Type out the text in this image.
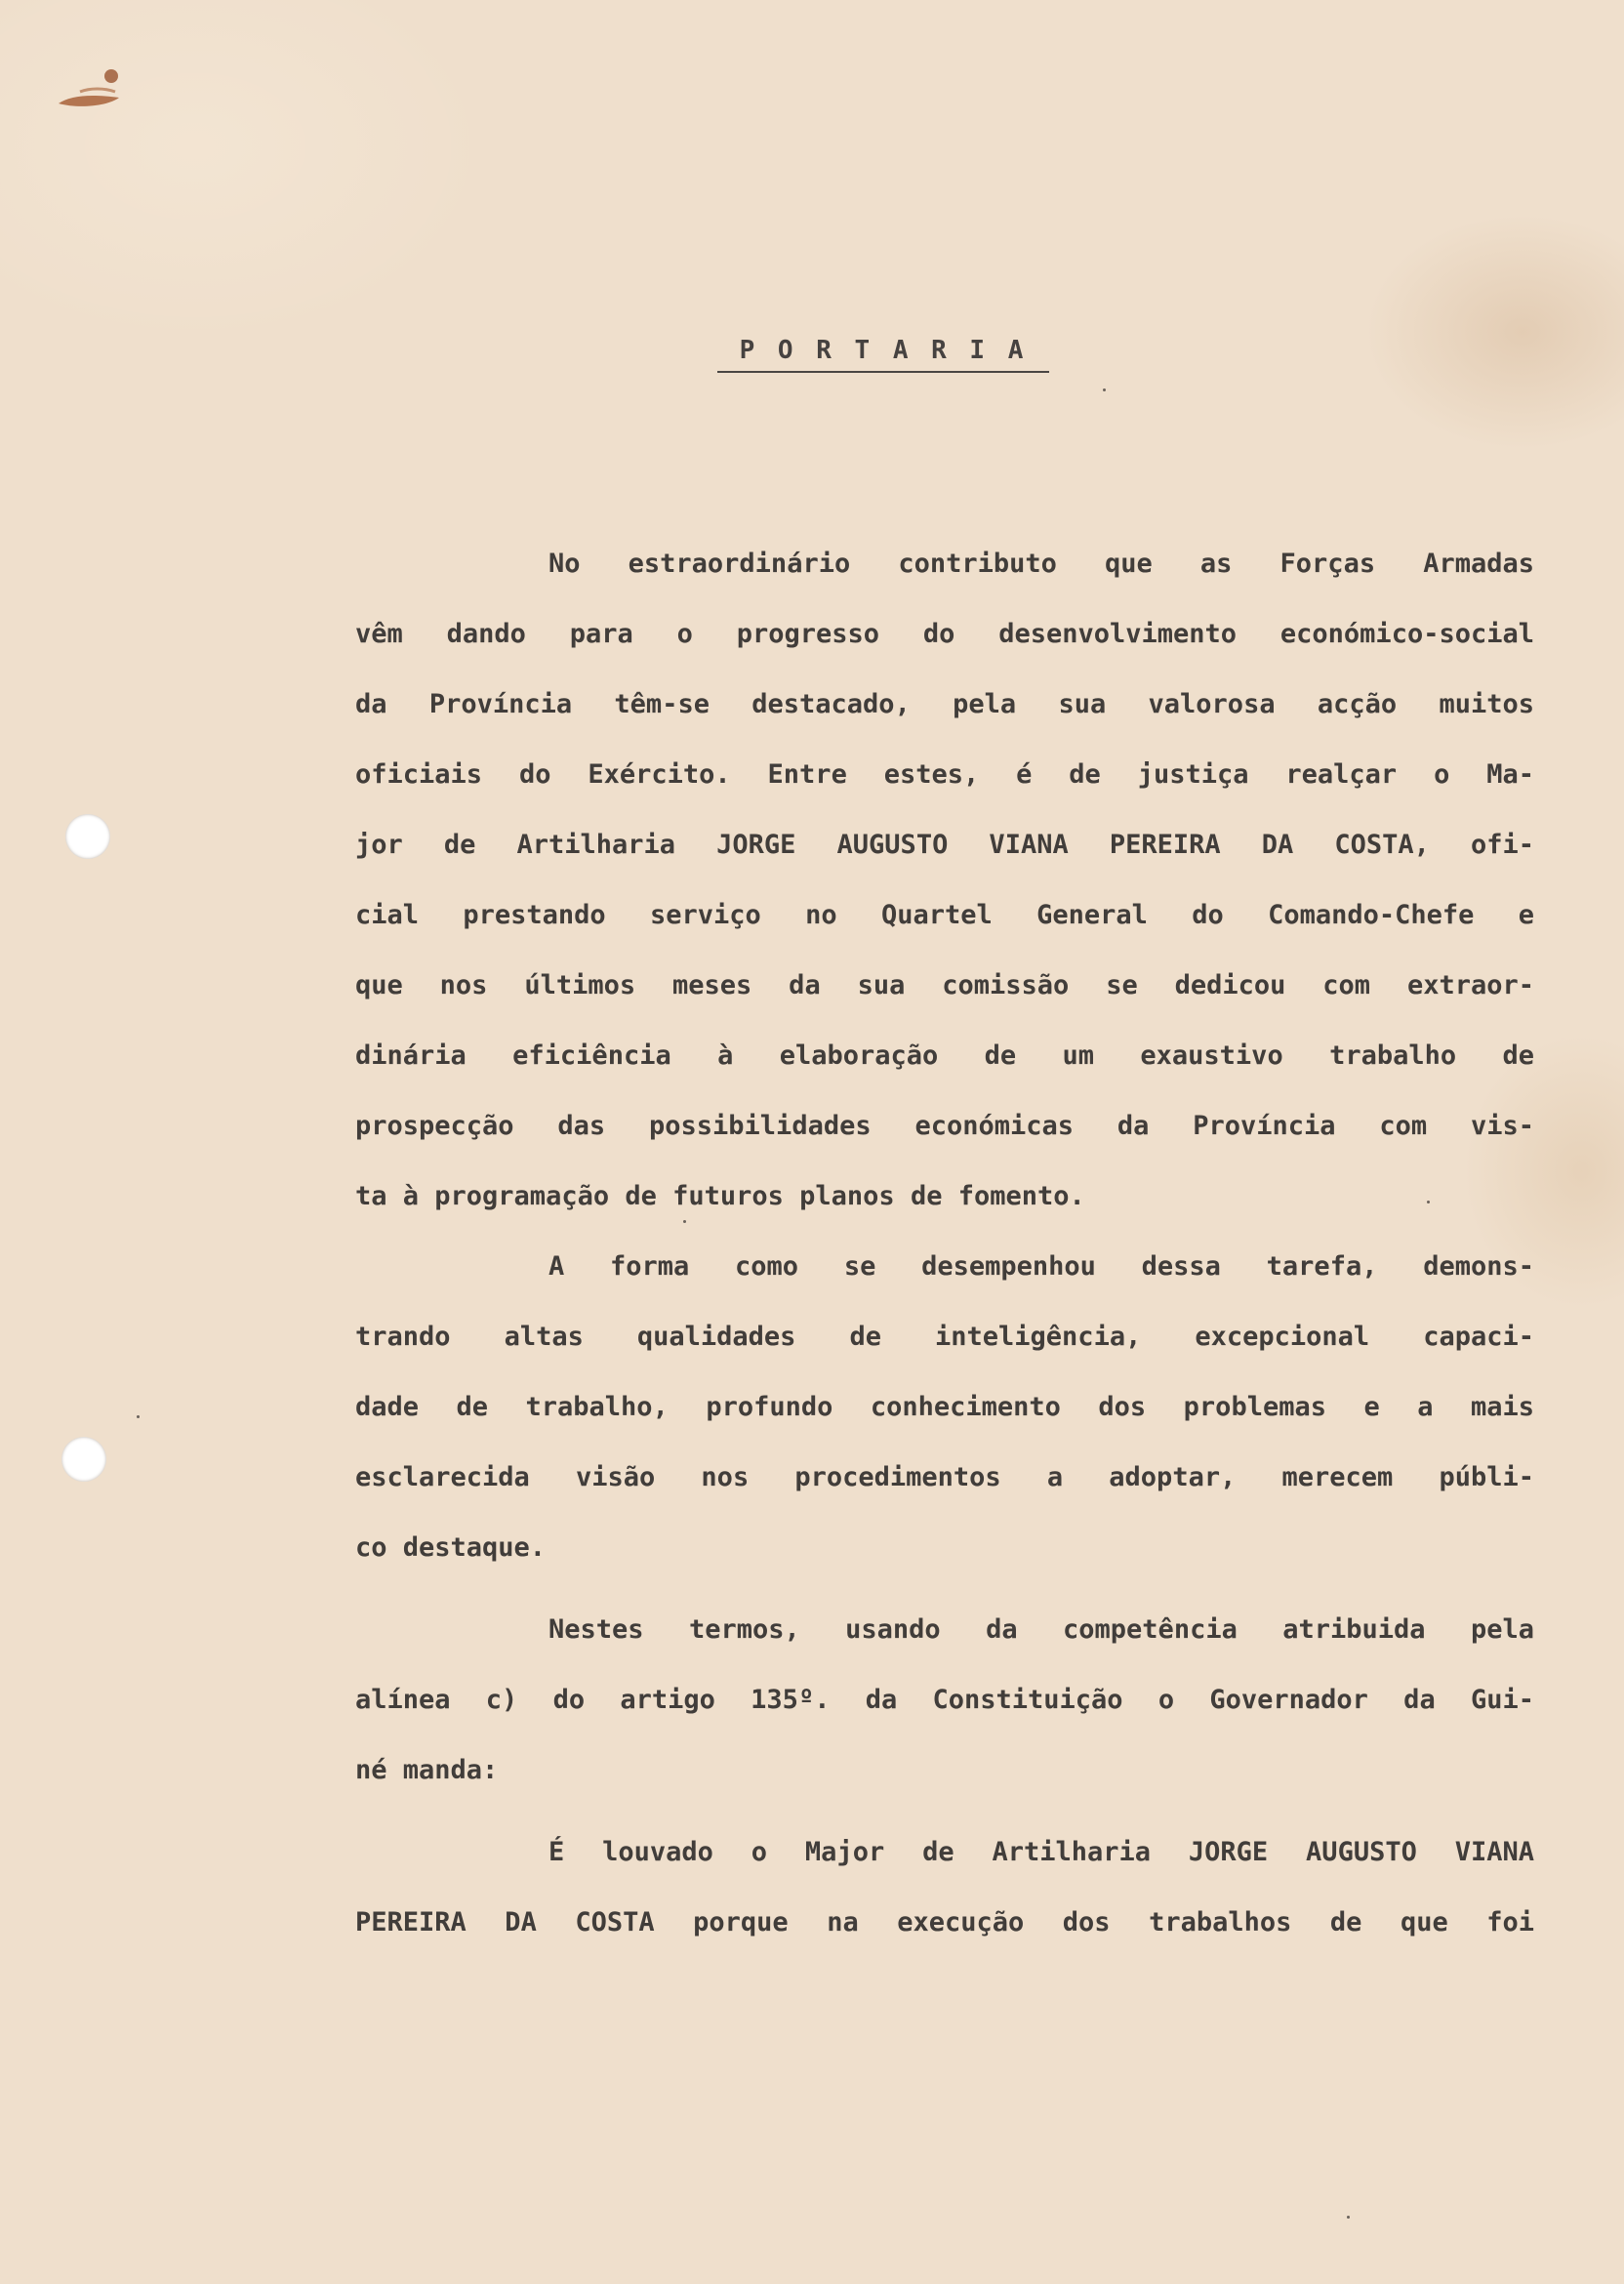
P O R T A R I A
No estraordinário contributo que as Forças Armadas
vêm dando para o progresso do desenvolvimento económico-social
da Província têm-se destacado, pela sua valorosa acção muitos
oficiais do Exército. Entre estes, é de justiça realçar o Ma-
jor de Artilharia JORGE AUGUSTO VIANA PEREIRA DA COSTA, ofi-
cial prestando serviço no Quartel General do Comando-Chefe e
que nos últimos meses da sua comissão se dedicou com extraor-
dinária eficiência à elaboração de um exaustivo trabalho de
prospecção das possibilidades económicas da Província com vis-
ta à programação de futuros planos de fomento.
A forma como se desempenhou dessa tarefa, demons-
trando altas qualidades de inteligência, excepcional capaci-
dade de trabalho, profundo conhecimento dos problemas e a mais
esclarecida visão nos procedimentos a adoptar, merecem públi-
co destaque.
Nestes termos, usando da competência atribuida pela
alínea c) do artigo 135º. da Constituição o Governador da Gui-
né manda:
É louvado o Major de Artilharia JORGE AUGUSTO VIANA
PEREIRA DA COSTA porque na execução dos trabalhos de que foi
